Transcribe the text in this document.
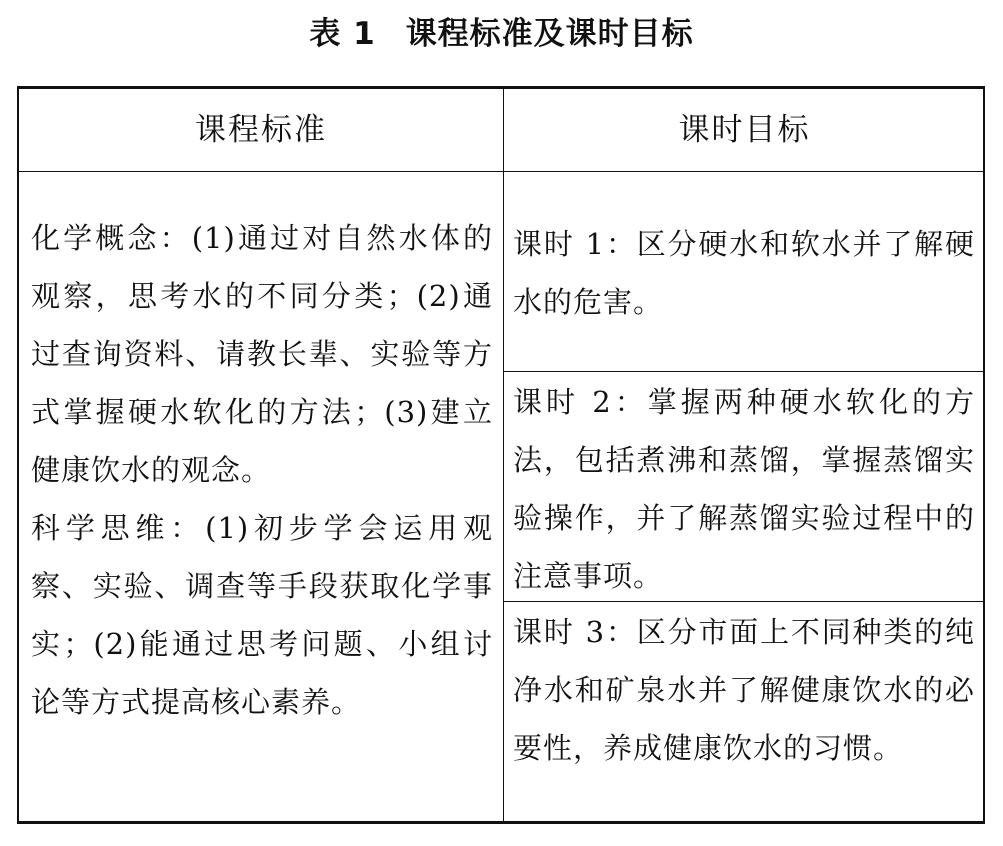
表 1 课程标准及课时目标
课程标准	课时目标
化学概念：(1)通过对自然水体的观察，思考水的不同分类；(2)通过查询资料、请教长辈、实验等方式掌握硬水软化的方法；(3)建立健康饮水的观念。
科学思维：(1)初步学会运用观察、实验、调查等手段获取化学事实；(2)能通过思考问题、小组讨论等方式提高核心素养。
课时 1：区分硬水和软水并了解硬水的危害。
课时 2：掌握两种硬水软化的方法，包括煮沸和蒸馏，掌握蒸馏实验操作，并了解蒸馏实验过程中的注意事项。
课时 3：区分市面上不同种类的纯净水和矿泉水并了解健康饮水的必要性，养成健康饮水的习惯。
